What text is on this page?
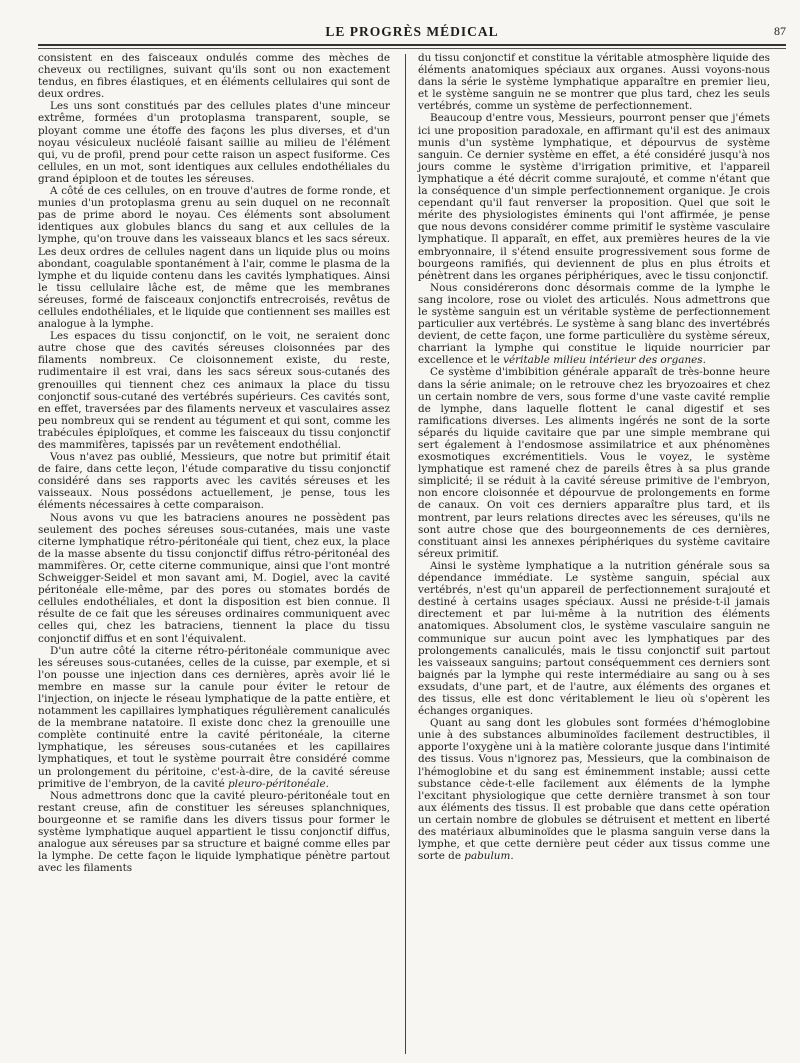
LE PROGRÈS MÉDICAL	87

consistent en des faisceaux ondulés comme des mèches de cheveux ou rectilignes, suivant qu'ils sont ou non exactement tendus, en fibres élastiques, et en éléments cellulaires qui sont de deux ordres.

Les uns sont constitués par des cellules plates d'une minceur extrême, formées d'un protoplasma transparent, souple, se ployant comme une étoffe des façons les plus diverses, et d'un noyau vésiculeux nucléolé faisant saillie au milieu de l'élément qui, vu de profil, prend pour cette raison un aspect fusiforme. Ces cellules, en un mot, sont identiques aux cellules endothéliales du grand épiploon et de toutes les séreuses.

A côté de ces cellules, on en trouve d'autres de forme ronde, et munies d'un protoplasma grenu au sein duquel on ne reconnaît pas de prime abord le noyau. Ces éléments sont absolument identiques aux globules blancs du sang et aux cellules de la lymphe, qu'on trouve dans les vaisseaux blancs et les sacs séreux. Les deux ordres de cellules nagent dans un liquide plus ou moins abondant, coagulable spontanément à l'air, comme le plasma de la lymphe et du liquide contenu dans les cavités lymphatiques. Ainsi le tissu cellulaire lâche est, de même que les membranes séreuses, formé de faisceaux conjonctifs entrecroisés, revêtus de cellules endothéliales, et le liquide que contiennent ses mailles est analogue à la lymphe.

Les espaces du tissu conjonctif, on le voit, ne seraient donc autre chose que des cavités séreuses cloisonnées par des filaments nombreux. Ce cloisonnement existe, du reste, rudimentaire il est vrai, dans les sacs séreux sous-cutanés des grenouilles qui tiennent chez ces animaux la place du tissu conjonctif sous-cutané des vertébrés supérieurs. Ces cavités sont, en effet, traversées par des filaments nerveux et vasculaires assez peu nombreux qui se rendent au tégument et qui sont, comme les trabécules épiploïques, et comme les faisceaux du tissu conjonctif des mammifères, tapissés par un revêtement endothélial.

Vous n'avez pas oublié, Messieurs, que notre but primitif était de faire, dans cette leçon, l'étude comparative du tissu conjonctif considéré dans ses rapports avec les cavités séreuses et les vaisseaux. Nous possédons actuellement, je pense, tous les éléments nécessaires à cette comparaison.

Nous avons vu que les batraciens anoures ne possèdent pas seulement des poches séreuses sous-cutanées, mais une vaste citerne lymphatique rétro-péritonéale qui tient, chez eux, la place de la masse absente du tissu conjonctif diffus rétro-péritonéal des mammifères. Or, cette citerne communique, ainsi que l'ont montré Schweigger-Seidel et mon savant ami, M. Dogiel, avec la cavité péritonéale elle-même, par des pores ou stomates bordés de cellules endothéliales, et dont la disposition est bien connue. Il résulte de ce fait que les séreuses ordinaires communiquent avec celles qui, chez les batraciens, tiennent la place du tissu conjonctif diffus et en sont l'équivalent.

D'un autre côté la citerne rétro-péritonéale communique avec les séreuses sous-cutanées, celles de la cuisse, par exemple, et si l'on pousse une injection dans ces dernières, après avoir lié le membre en masse sur la canule pour éviter le retour de l'injection, on injecte le réseau lymphatique de la patte entière, et notamment les capillaires lymphatiques régulièrement canaliculés de la membrane natatoire. Il existe donc chez la grenouille une complète continuité entre la cavité péritonéale, la citerne lymphatique, les séreuses sous-cutanées et les capillaires lymphatiques, et tout le système pourrait être considéré comme un prolongement du péritoine, c'est-à-dire, de la cavité séreuse primitive de l'embryon, de la cavité pleuro-péritonéale.

Nous admettrons donc que la cavité pleuro-péritonéale tout en restant creuse, afin de constituer les séreuses splanchniques, bourgeonne et se ramifie dans les divers tissus pour former le système lymphatique auquel appartient le tissu conjonctif diffus, analogue aux séreuses par sa structure et baigné comme elles par la lymphe. De cette façon le liquide lymphatique pénètre partout avec les filaments

du tissu conjonctif et constitue la véritable atmosphère liquide des éléments anatomiques spéciaux aux organes. Aussi voyons-nous dans la série le système lymphatique apparaître en premier lieu, et le système sanguin ne se montrer que plus tard, chez les seuls vertébrés, comme un système de perfectionnement.

Beaucoup d'entre vous, Messieurs, pourront penser que j'émets ici une proposition paradoxale, en affirmant qu'il est des animaux munis d'un système lymphatique, et dépourvus de système sanguin. Ce dernier système en effet, a été considéré jusqu'à nos jours comme le système d'irrigation primitive, et l'appareil lymphatique a été décrit comme surajouté, et comme n'étant que la conséquence d'un simple perfectionnement organique. Je crois cependant qu'il faut renverser la proposition. Quel que soit le mérite des physiologistes éminents qui l'ont affirmée, je pense que nous devons considérer comme primitif le système vasculaire lymphatique. Il apparaît, en effet, aux premières heures de la vie embryonnaire, il s'étend ensuite progressivement sous forme de bourgeons ramifiés, qui deviennent de plus en plus étroits et pénètrent dans les organes périphériques, avec le tissu conjonctif.

Nous considérerons donc désormais comme de la lymphe le sang incolore, rose ou violet des articulés. Nous admettrons que le système sanguin est un véritable système de perfectionnement particulier aux vertébrés. Le système à sang blanc des invertébrés devient, de cette façon, une forme particulière du système séreux, charriant la lymphe qui constitue le liquide nourricier par excellence et le véritable milieu intérieur des organes.

Ce système d'imbibition générale apparaît de très-bonne heure dans la série animale; on le retrouve chez les bryozoaires et chez un certain nombre de vers, sous forme d'une vaste cavité remplie de lymphe, dans laquelle flottent le canal digestif et ses ramifications diverses. Les aliments ingérés ne sont de la sorte séparés du liquide cavitaire que par une simple membrane qui sert également à l'endosmose assimilatrice et aux phénomènes exosmotiques excrémentitiels. Vous le voyez, le système lymphatique est ramené chez de pareils êtres à sa plus grande simplicité; il se réduit à la cavité séreuse primitive de l'embryon, non encore cloisonnée et dépourvue de prolongements en forme de canaux. On voit ces derniers apparaître plus tard, et ils montrent, par leurs relations directes avec les séreuses, qu'ils ne sont autre chose que des bourgeonnements de ces dernières, constituant ainsi les annexes périphériques du système cavitaire séreux primitif.

Ainsi le système lymphatique a la nutrition générale sous sa dépendance immédiate. Le système sanguin, spécial aux vertébrés, n'est qu'un appareil de perfectionnement surajouté et destiné à certains usages spéciaux. Aussi ne préside-t-il jamais directement et par lui-même à la nutrition des éléments anatomiques. Absolument clos, le système vasculaire sanguin ne communique sur aucun point avec les lymphatiques par des prolongements canaliculés, mais le tissu conjonctif suit partout les vaisseaux sanguins; partout conséquemment ces derniers sont baignés par la lymphe qui reste intermédiaire au sang ou à ses exsudats, d'une part, et de l'autre, aux éléments des organes et des tissus, elle est donc véritablement le lieu où s'opèrent les échanges organiques.

Quant au sang dont les globules sont formées d'hémoglobine unie à des substances albuminoïdes facilement destructibles, il apporte l'oxygène uni à la matière colorante jusque dans l'intimité des tissus. Vous n'ignorez pas, Messieurs, que la combinaison de l'hémoglobine et du sang est éminemment instable; aussi cette substance cède-t-elle facilement aux éléments de la lymphe l'excitant physiologique que cette dernière transmet à son tour aux éléments des tissus. Il est probable que dans cette opération un certain nombre de globules se détruisent et mettent en liberté des matériaux albuminoïdes que le plasma sanguin verse dans la lymphe, et que cette dernière peut céder aux tissus comme une sorte de pabulum.
